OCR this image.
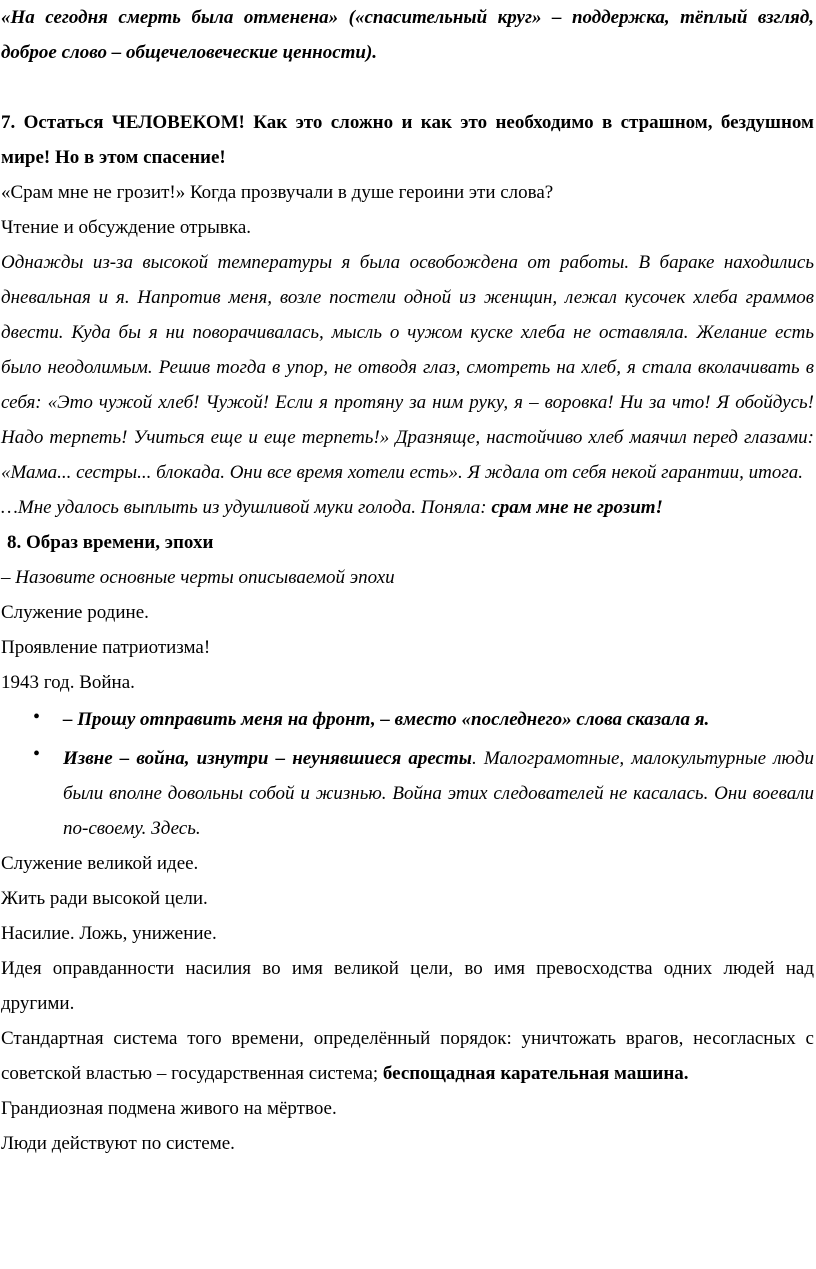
«На сегодня смерть была отменена» («спасительный круг» – поддержка, тёплый взгляд, доброе слово – общечеловеческие ценности).

7. Остаться ЧЕЛОВЕКОМ! Как это сложно и как это необходимо в страшном, бездушном мире! Но в этом спасение!

«Срам мне не грозит!» Когда прозвучали в душе героини эти слова?

Чтение и обсуждение отрывка.

Однажды из-за высокой температуры я была освобождена от работы. В бараке находились дневальная и я. Напротив меня, возле постели одной из женщин, лежал кусочек хлеба граммов двести. Куда бы я ни поворачивалась, мысль о чужом куске хлеба не оставляла. Желание есть было неодолимым. Решив тогда в упор, не отводя глаз, смотреть на хлеб, я стала вколачивать в себя: «Это чужой хлеб! Чужой! Если я протяну за ним руку, я – воровка! Ни за что! Я обойдусь! Надо терпеть! Учиться еще и еще терпеть!» Дразняще, настойчиво хлеб маячил перед глазами: «Мама... сестры... блокада. Они все время хотели есть». Я ждала от себя некой гарантии, итога.

…Мне удалось выплыть из удушливой муки голода. Поняла: срам мне не грозит!

8. Образ времени, эпохи

– Назовите основные черты описываемой эпохи

Служение родине.

Проявление патриотизма!

1943 год. Война.

• – Прошу отправить меня на фронт, – вместо «последнего» слова сказала я.
• Извне – война, изнутри – неунявшиеся аресты. Малограмотные, малокультурные люди были вполне довольны собой и жизнью. Война этих следователей не касалась. Они воевали по-своему. Здесь.

Служение великой идее.

Жить ради высокой цели.

Насилие. Ложь, унижение.

Идея оправданности насилия во имя великой цели, во имя превосходства одних людей над другими.

Стандартная система того времени, определённый порядок: уничтожать врагов, несогласных с советской властью – государственная система; беспощадная карательная машина.

Грандиозная подмена живого на мёртвое.

Люди действуют по системе.
